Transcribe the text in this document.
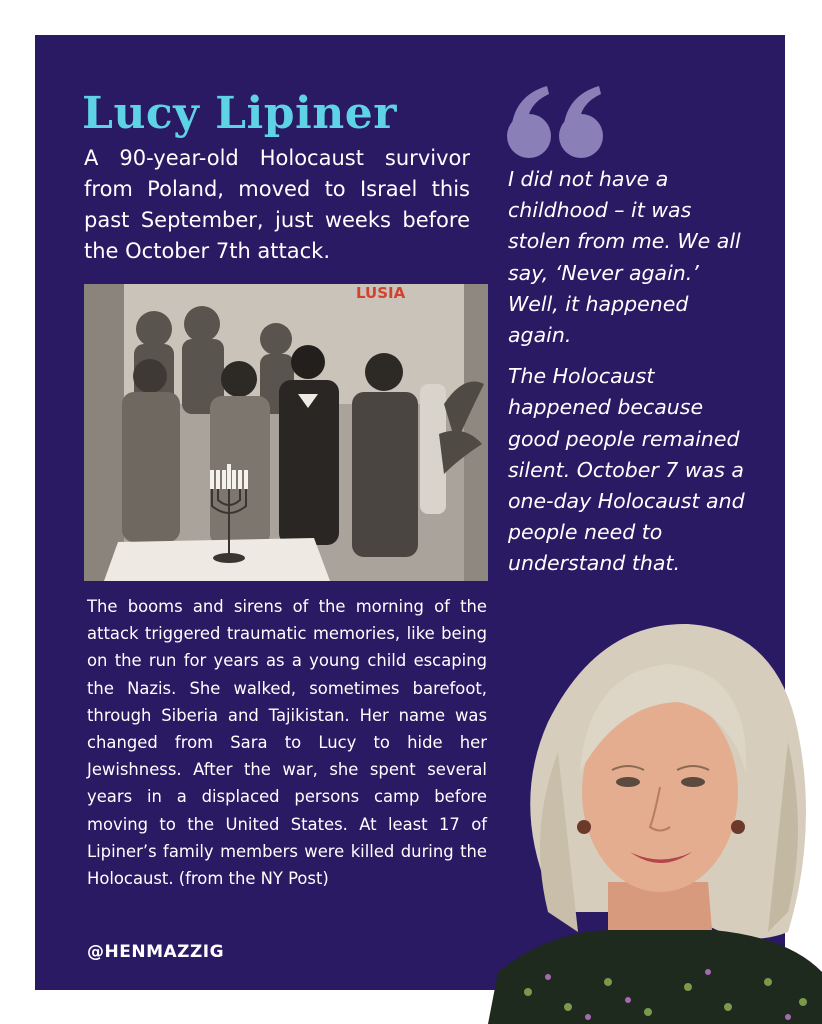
Lucy Lipiner

A 90-year-old Holocaust survivor from Poland, moved to Israel this past September, just weeks before the October 7th attack.

LUSIA

The booms and sirens of the morning of the attack triggered traumatic memories, like being on the run for years as a young child escaping the Nazis. She walked, sometimes barefoot, through Siberia and Tajikistan. Her name was changed from Sara to Lucy to hide her Jewishness. After the war, she spent several years in a displaced persons camp before moving to the United States. At least 17 of Lipiner’s family members were killed during the Holocaust. (from the NY Post)

@HENMAZZIG

I did not have a childhood – it was stolen from me. We all say, ‘Never again.’ Well, it happened again.

The Holocaust happened because good people remained silent. October 7 was a one-day Holocaust and people need to understand that.
